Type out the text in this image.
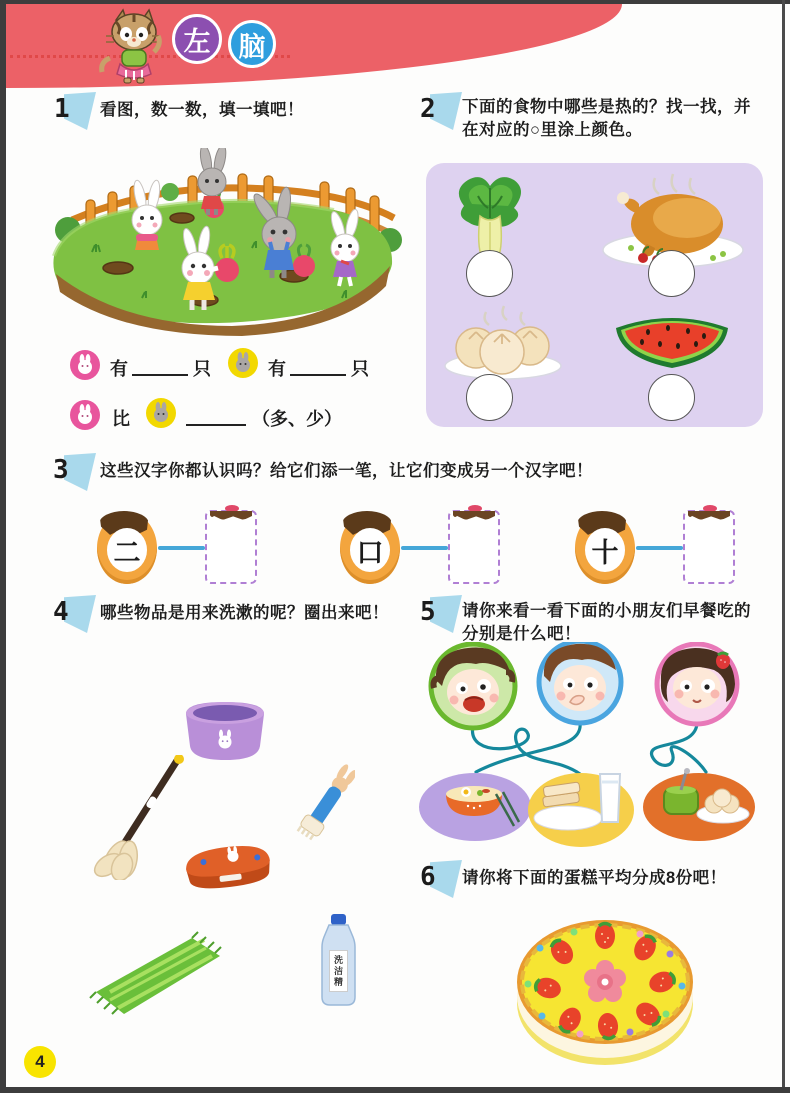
左 脑
1 看图，数一数，填一填吧！
有	只	有	只
比	（多、少）
2 下面的食物中哪些是热的？找一找，并
在对应的○里涂上颜色。
3 这些汉字你都认识吗？给它们添一笔，让它们变成另一个汉字吧！
二	口	十
4 哪些物品是用来洗漱的呢？圈出来吧！
洗洁精
5 请你来看一看下面的小朋友们早餐吃的
分别是什么吧！
6 请你将下面的蛋糕平均分成8份吧！
4
